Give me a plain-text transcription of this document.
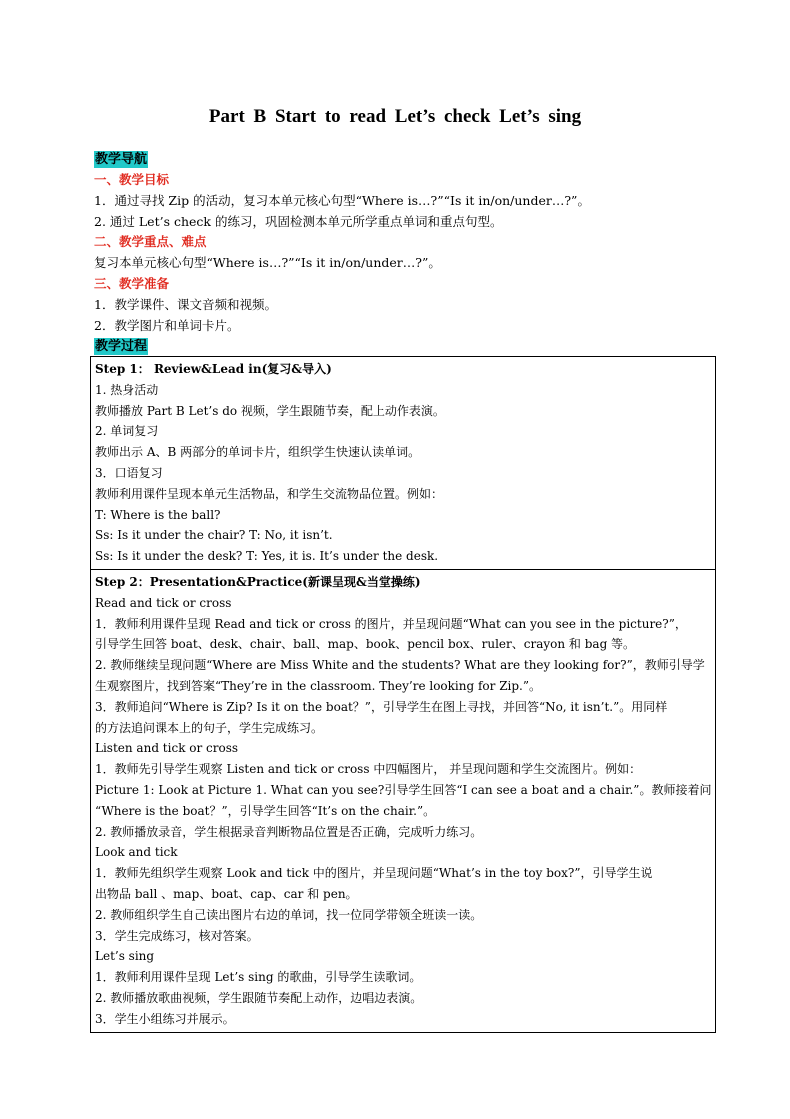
Part B Start to read Let’s check Let’s sing
教学导航
一、教学目标
1．通过寻找 Zip 的活动，复习本单元核心句型“Where is…?”“Is it in/on/under…?”。
2. 通过 Let’s check 的练习，巩固检测本单元所学重点单词和重点句型。
二、教学重点、难点
复习本单元核心句型“Where is…?”“Is it in/on/under…?”。
三、教学准备
1．教学课件、课文音频和视频。
2．教学图片和单词卡片。
教学过程
Step 1： Review&Lead in(复习&导入)
1. 热身活动
教师播放 Part B Let’s do 视频，学生跟随节奏，配上动作表演。
2. 单词复习
教师出示 A、B 两部分的单词卡片，组织学生快速认读单词。
3．口语复习
教师利用课件呈现本单元生活物品，和学生交流物品位置。例如：
T: Where is the ball?
Ss: Is it under the chair? T: No, it isn’t.
Ss: Is it under the desk? T: Yes, it is. It’s under the desk.

Step 2：Presentation&Practice(新课呈现&当堂操练)
Read and tick or cross
1．教师利用课件呈现 Read and tick or cross 的图片，并呈现问题“What can you see in the picture?”，
引导学生回答 boat、desk、chair、ball、map、book、pencil box、ruler、crayon 和 bag 等。
2. 教师继续呈现问题“Where are Miss White and the students? What are they looking for?”，教师引导学
生观察图片，找到答案“They’re in the classroom. They’re looking for Zip.”。
3．教师追问“Where is Zip? Is it on the boat？”，引导学生在图上寻找，并回答“No, it isn’t.”。用同样
的方法追问课本上的句子，学生完成练习。
Listen and tick or cross
1．教师先引导学生观察 Listen and tick or cross 中四幅图片， 并呈现问题和学生交流图片。例如：
Picture 1: Look at Picture 1. What can you see?引导学生回答“I can see a boat and a chair.”。教师接着问
“Where is the boat？”，引导学生回答“It’s on the chair.”。
2. 教师播放录音，学生根据录音判断物品位置是否正确，完成听力练习。
Look and tick
1．教师先组织学生观察 Look and tick 中的图片，并呈现问题“What’s in the toy box?”，引导学生说
出物品 ball 、map、boat、cap、car 和 pen。
2. 教师组织学生自己读出图片右边的单词，找一位同学带领全班读一读。
3．学生完成练习，核对答案。
Let’s sing
1．教师利用课件呈现 Let’s sing 的歌曲，引导学生读歌词。
2. 教师播放歌曲视频，学生跟随节奏配上动作，边唱边表演。
3．学生小组练习并展示。
